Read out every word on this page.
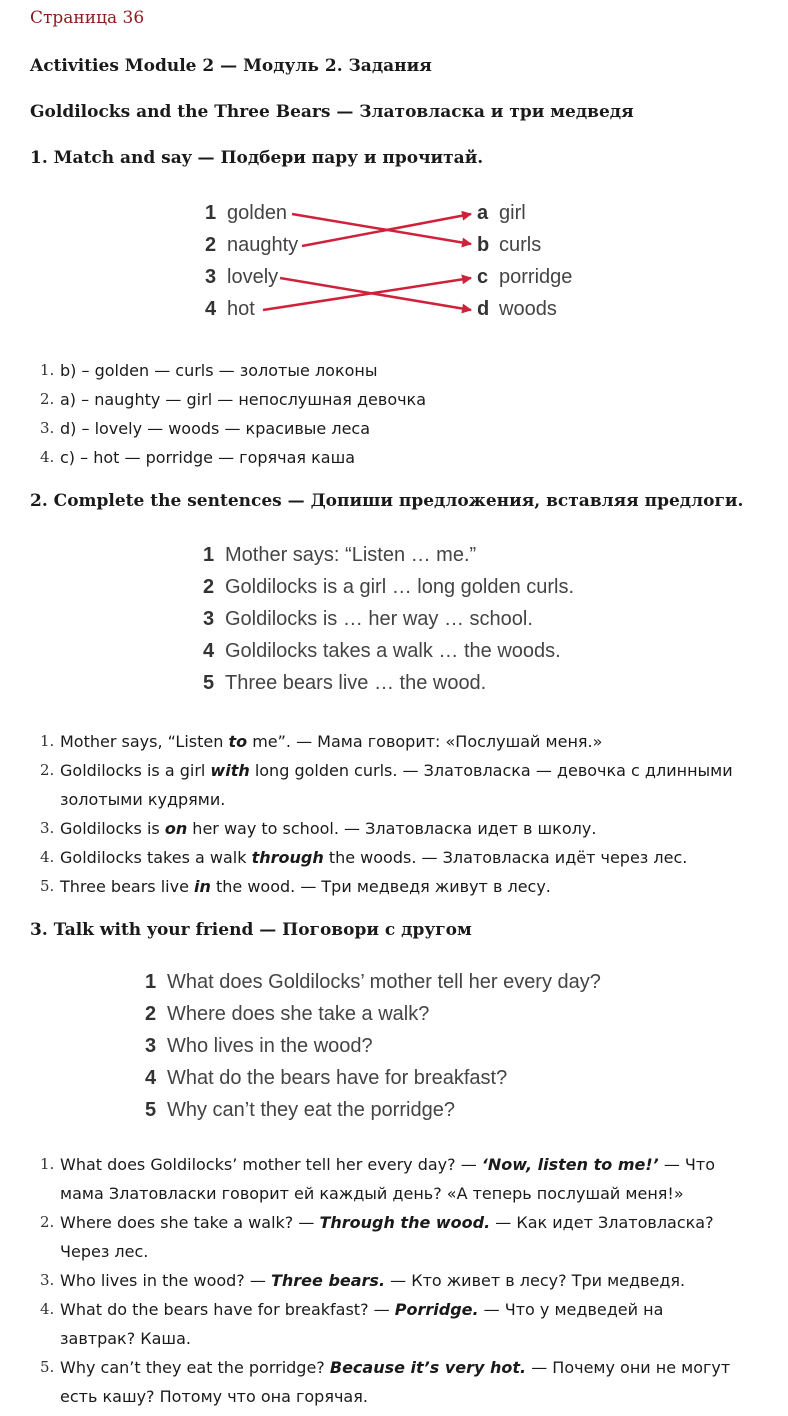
Страница 36
Activities Module 2 — Модуль 2. Задания
Goldilocks and the Three Bears — Златовласка и три медведя
1. Match and say — Подбери пару и прочитай.
1 golden
2 naughty
3 lovely
4 hot
a girl
b curls
c porridge
d woods
1. b) – golden — curls — золотые локоны
2. a) – naughty — girl — непослушная девочка
3. d) – lovely — woods — красивые леса
4. c) – hot — porridge — горячая каша
2. Complete the sentences — Допиши предложения, вставляя предлоги.
1 Mother says: “Listen … me.”
2 Goldilocks is a girl … long golden curls.
3 Goldilocks is … her way … school.
4 Goldilocks takes a walk … the woods.
5 Three bears live … the wood.
1. Mother says, “Listen to me”. — Мама говорит: «Послушай меня.»
2. Goldilocks is a girl with long golden curls. — Златовласка — девочка с длинными золотыми кудрями.
3. Goldilocks is on her way to school. — Златовласка идет в школу.
4. Goldilocks takes a walk through the woods. — Златовласка идёт через лес.
5. Three bears live in the wood. — Три медведя живут в лесу.
3. Talk with your friend — Поговори с другом
1 What does Goldilocks’ mother tell her every day?
2 Where does she take a walk?
3 Who lives in the wood?
4 What do the bears have for breakfast?
5 Why can’t they eat the porridge?
1. What does Goldilocks’ mother tell her every day? — ‘Now, listen to me!’ — Что мама Златовласки говорит ей каждый день? «А теперь послушай меня!»
2. Where does she take a walk? — Through the wood. — Как идет Златовласка? Через лес.
3. Who lives in the wood? — Three bears. — Кто живет в лесу? Три медведя.
4. What do the bears have for breakfast? — Porridge. — Что у медведей на завтрак? Каша.
5. Why can’t they eat the porridge? Because it’s very hot. — Почему они не могут есть кашу? Потому что она горячая.
